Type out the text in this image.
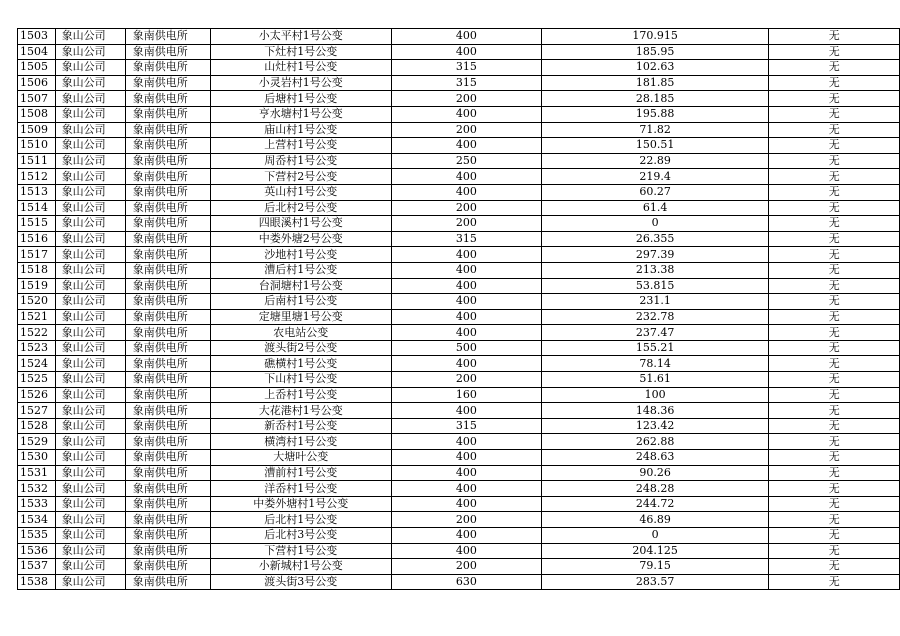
1503	象山公司	象南供电所	小太平村1号公变	400	170.915	无
1504	象山公司	象南供电所	下灶村1号公变	400	185.95	无
1505	象山公司	象南供电所	山灶村1号公变	315	102.63	无
1506	象山公司	象南供电所	小灵岩村1号公变	315	181.85	无
1507	象山公司	象南供电所	后塘村1号公变	200	28.185	无
1508	象山公司	象南供电所	亨水塘村1号公变	400	195.88	无
1509	象山公司	象南供电所	庙山村1号公变	200	71.82	无
1510	象山公司	象南供电所	上营村1号公变	400	150.51	无
1511	象山公司	象南供电所	周岙村1号公变	250	22.89	无
1512	象山公司	象南供电所	下营村2号公变	400	219.4	无
1513	象山公司	象南供电所	英山村1号公变	400	60.27	无
1514	象山公司	象南供电所	后北村2号公变	200	61.4	无
1515	象山公司	象南供电所	四眼溪村1号公变	200	0	无
1516	象山公司	象南供电所	中娄外塘2号公变	315	26.355	无
1517	象山公司	象南供电所	沙地村1号公变	400	297.39	无
1518	象山公司	象南供电所	漕后村1号公变	400	213.38	无
1519	象山公司	象南供电所	台洞塘村1号公变	400	53.815	无
1520	象山公司	象南供电所	后南村1号公变	400	231.1	无
1521	象山公司	象南供电所	定塘里塘1号公变	400	232.78	无
1522	象山公司	象南供电所	农电站公变	400	237.47	无
1523	象山公司	象南供电所	渡头街2号公变	500	155.21	无
1524	象山公司	象南供电所	礁横村1号公变	400	78.14	无
1525	象山公司	象南供电所	下山村1号公变	200	51.61	无
1526	象山公司	象南供电所	上岙村1号公变	160	100	无
1527	象山公司	象南供电所	大花港村1号公变	400	148.36	无
1528	象山公司	象南供电所	新岙村1号公变	315	123.42	无
1529	象山公司	象南供电所	横湾村1号公变	400	262.88	无
1530	象山公司	象南供电所	大塘叶公变	400	248.63	无
1531	象山公司	象南供电所	漕前村1号公变	400	90.26	无
1532	象山公司	象南供电所	洋岙村1号公变	400	248.28	无
1533	象山公司	象南供电所	中娄外塘村1号公变	400	244.72	无
1534	象山公司	象南供电所	后北村1号公变	200	46.89	无
1535	象山公司	象南供电所	后北村3号公变	400	0	无
1536	象山公司	象南供电所	下营村1号公变	400	204.125	无
1537	象山公司	象南供电所	小新城村1号公变	200	79.15	无
1538	象山公司	象南供电所	渡头街3号公变	630	283.57	无
